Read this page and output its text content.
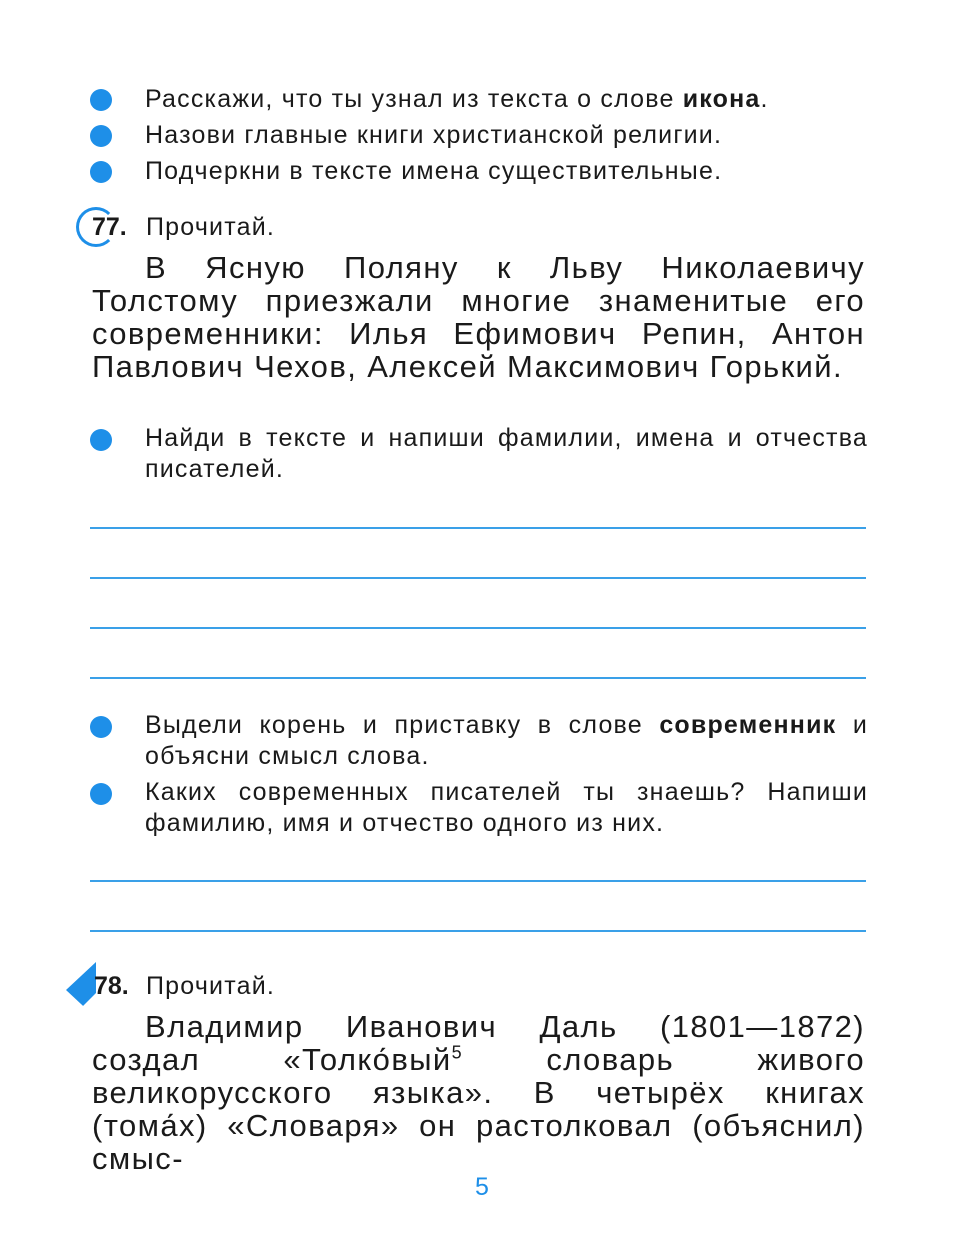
Расскажи, что ты узнал из текста о слове икона.
Назови главные книги христианской религии.
Подчеркни в тексте имена существительные.
77. Прочитай.
В Ясную Поляну к Льву Николаевичу Толстому приезжали многие знаменитые его современники: Илья Ефимович Репин, Антон Павлович Чехов, Алексей Максимович Горький.
Найди в тексте и напиши фамилии, имена и отчества писателей.
Выдели корень и приставку в слове современник и объясни смысл слова.
Каких современных писателей ты знаешь? Напиши фамилию, имя и отчество одного из них.
78. Прочитай.
Владимир Иванович Даль (1801—1872) создал «Толко́вый$^5$ словарь живого великорусского языка». В четырёх книгах (тома́х) «Словаря» он растолковал (объяснил) смыс-
5
